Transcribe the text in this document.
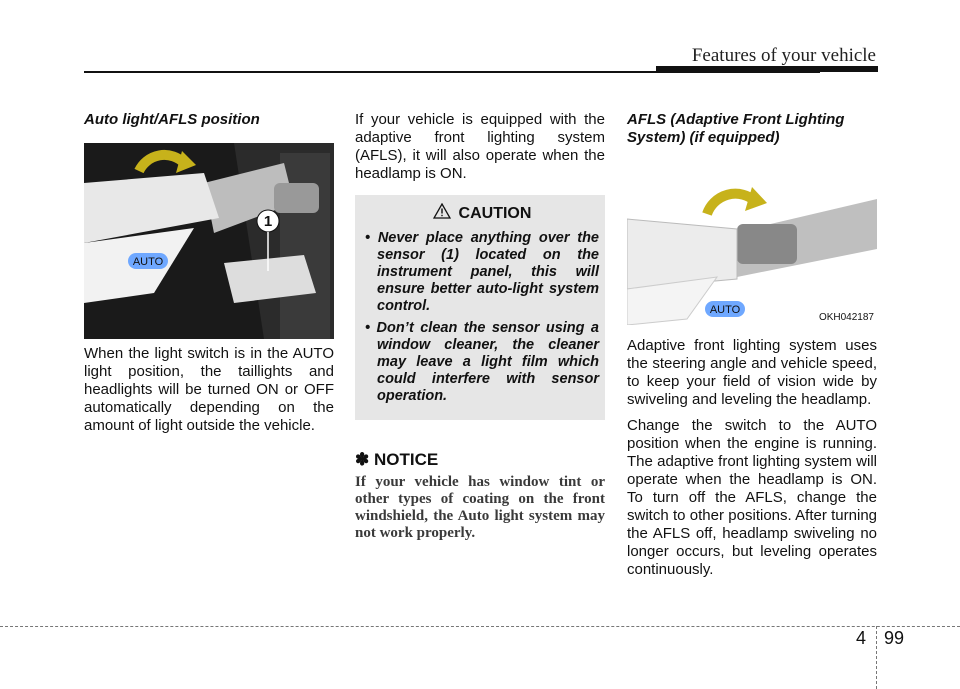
Features of your vehicle

Auto light/AFLS position

1
AUTO

When the light switch is in the AUTO light position, the taillights and headlights will be turned ON or OFF automatically depending on the amount of light outside the vehicle.

If your vehicle is equipped with the adaptive front lighting system (AFLS), it will also operate when the headlamp is ON.

CAUTION
• Never place anything over the sensor (1) located on the instrument panel, this will ensure better auto-light system control.
• Don’t clean the sensor using a window cleaner, the cleaner may leave a light film which could interfere with sensor operation.
✽ NOTICE

If your vehicle has window tint or other types of coating on the front windshield, the Auto light system may not work properly.

AFLS (Adaptive Front Lighting System) (if equipped)

AUTO
OKH042187

Adaptive front lighting system uses the steering angle and vehicle speed, to keep your field of vision wide by swiveling and leveling the headlamp.

Change the switch to the AUTO position when the engine is running. The adaptive front lighting system will operate when the headlamp is ON. To turn off the AFLS, change the switch to other positions. After turning the AFLS off, headlamp swiveling no longer occurs, but leveling operates continuously.

4 99
